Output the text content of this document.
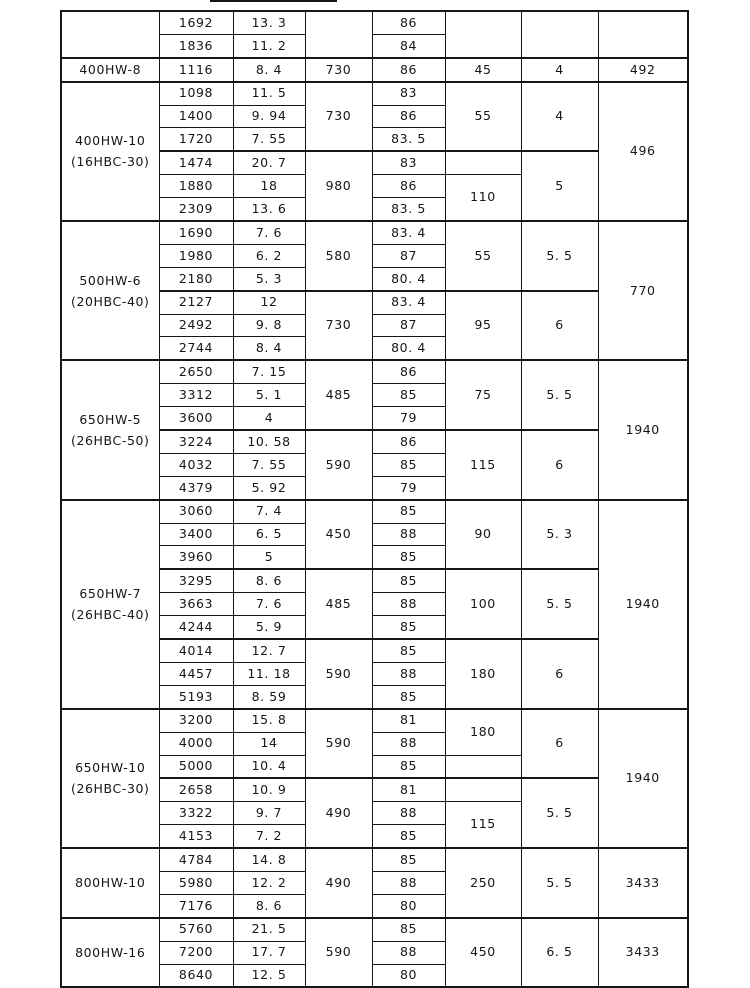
	1692	13. 3		86			
	1836	11. 2		84			

400HW-8	1116	8. 4	730	86	45	4	492

400HW-10
(16HBC-30)	1098	11. 5	730	83	55	4	496
	1400	9. 94		86			
	1720	7. 55		83. 5			
	1474	20. 7	980	83		5	
	1880	18		86	110		
	2309	13. 6		83. 5			

500HW-6
(20HBC-40)	1690	7. 6	580	83. 4	55	5. 5	770
	1980	6. 2		87			
	2180	5. 3		80. 4			
	2127	12	730	83. 4	95	6	
	2492	9. 8		87			
	2744	8. 4		80. 4			

650HW-5
(26HBC-50)	2650	7. 15	485	86	75	5. 5	1940
	3312	5. 1		85			
	3600	4		79			
	3224	10. 58	590	86	115	6	
	4032	7. 55		85			
	4379	5. 92		79			

650HW-7
(26HBC-40)	3060	7. 4	450	85	90	5. 3	1940
	3400	6. 5		88			
	3960	5		85			
	3295	8. 6	485	85	100	5. 5	
	3663	7. 6		88			
	4244	5. 9		85			
	4014	12. 7	590	85	180	6	
	4457	11. 18		88			
	5193	8. 59		85			

650HW-10
(26HBC-30)	3200	15. 8	590	81	180	6	1940
	4000	14		88			
	5000	10. 4		85			
	2658	10. 9	490	81		5. 5	
	3322	9. 7		88	115		
	4153	7. 2		85			

800HW-10	4784	14. 8	490	85	250	5. 5	3433
	5980	12. 2		88			
	7176	8. 6		80			

800HW-16	5760	21. 5	590	85	450	6. 5	3433
	7200	17. 7		88			
	8640	12. 5		80			
